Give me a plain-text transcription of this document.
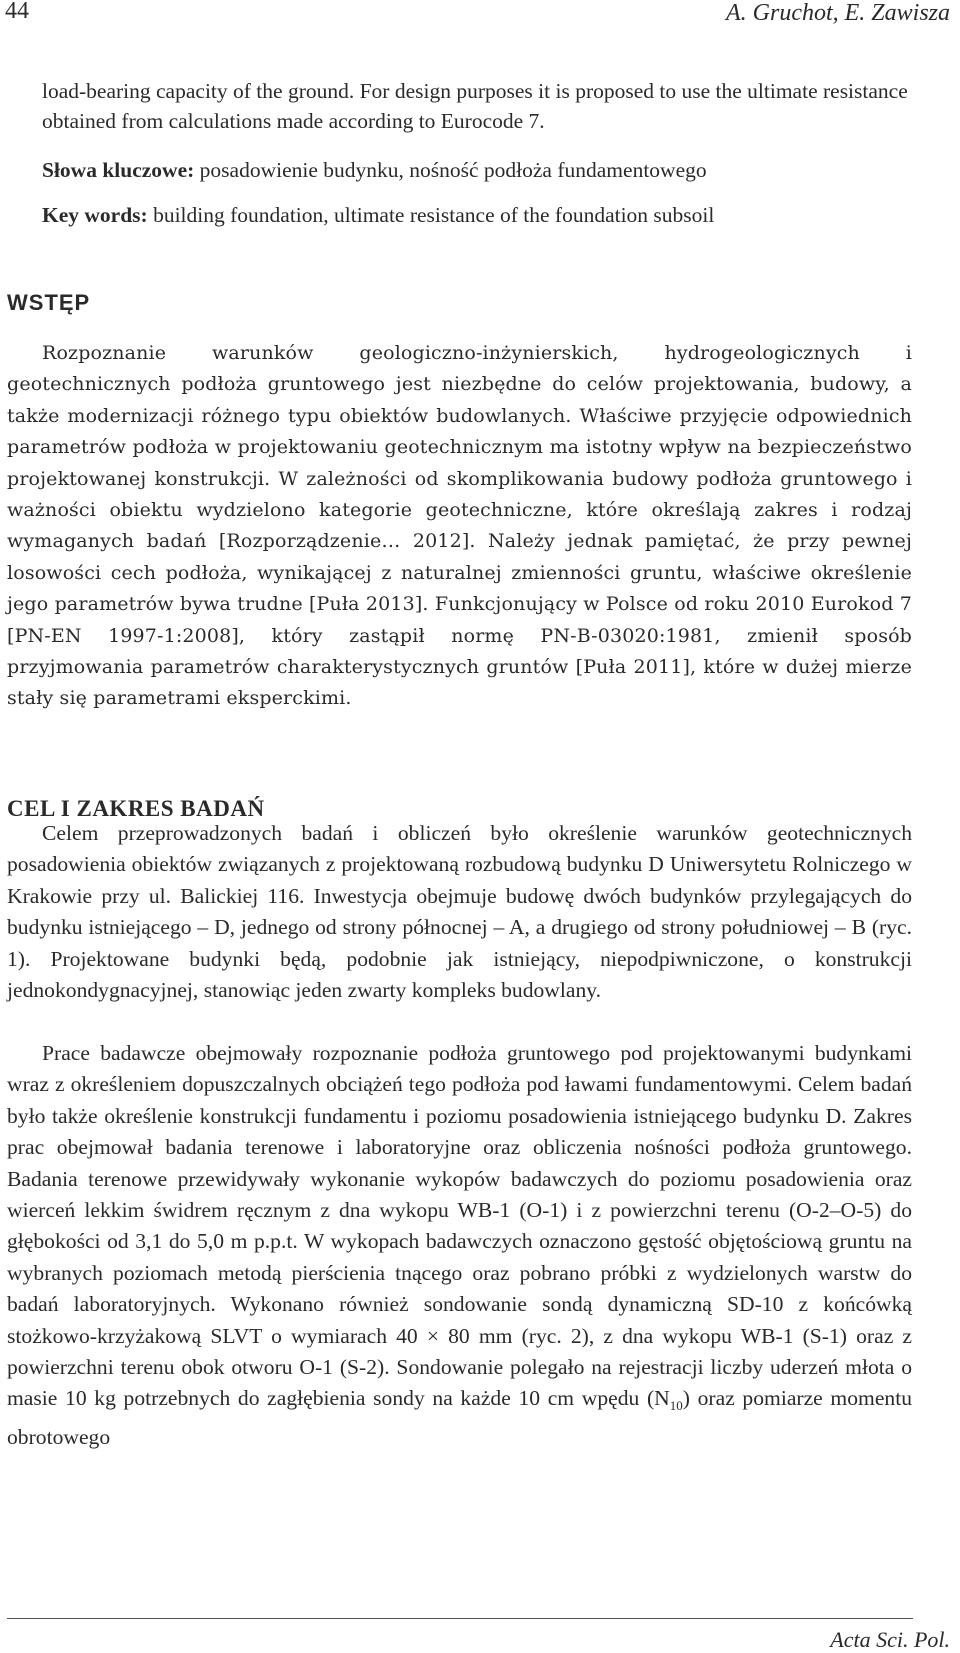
44	A. Gruchot, E. Zawisza
load-bearing capacity of the ground. For design purposes it is proposed to use the ultimate resistance obtained from calculations made according to Eurocode 7.
Słowa kluczowe: posadowienie budynku, nośność podłoża fundamentowego
Key words: building foundation, ultimate resistance of the foundation subsoil
WSTĘP

Rozpoznanie warunków geologiczno-inżynierskich, hydrogeologicznych i geotechnicznych podłoża gruntowego jest niezbędne do celów projektowania, budowy, a także modernizacji różnego typu obiektów budowlanych. Właściwe przyjęcie odpowiednich parametrów podłoża w projektowaniu geotechnicznym ma istotny wpływ na bezpieczeństwo projektowanej konstrukcji. W zależności od skomplikowania budowy podłoża gruntowego i ważności obiektu wydzielono kategorie geotechniczne, które określają zakres i rodzaj wymaganych badań [Rozporządzenie… 2012]. Należy jednak pamiętać, że przy pewnej losowości cech podłoża, wynikającej z naturalnej zmienności gruntu, właściwe określenie jego parametrów bywa trudne [Puła 2013]. Funkcjonujący w Polsce od roku 2010 Eurokod 7 [PN-EN 1997-1:2008], który zastąpił normę PN-B-03020:1981, zmienił sposób przyjmowania parametrów charakterystycznych gruntów [Puła 2011], które w dużej mierze stały się parametrami eksperckimi.

CEL I ZAKRES BADAŃ

Celem przeprowadzonych badań i obliczeń było określenie warunków geotechnicznych posadowienia obiektów związanych z projektowaną rozbudową budynku D Uniwersytetu Rolniczego w Krakowie przy ul. Balickiej 116. Inwestycja obejmuje budowę dwóch budynków przylegających do budynku istniejącego – D, jednego od strony północnej – A, a drugiego od strony południowej – B (ryc. 1). Projektowane budynki będą, podobnie jak istniejący, niepodpiwniczone, o konstrukcji jednokondygnacyjnej, stanowiąc jeden zwarty kompleks budowlany.

Prace badawcze obejmowały rozpoznanie podłoża gruntowego pod projektowanymi budynkami wraz z określeniem dopuszczalnych obciążeń tego podłoża pod ławami fundamentowymi. Celem badań było także określenie konstrukcji fundamentu i poziomu posadowienia istniejącego budynku D. Zakres prac obejmował badania terenowe i laboratoryjne oraz obliczenia nośności podłoża gruntowego. Badania terenowe przewidywały wykonanie wykopów badawczych do poziomu posadowienia oraz wierceń lekkim świdrem ręcznym z dna wykopu WB-1 (O-1) i z powierzchni terenu (O-2–O-5) do głębokości od 3,1 do 5,0 m p.p.t. W wykopach badawczych oznaczono gęstość objętościową gruntu na wybranych poziomach metodą pierścienia tnącego oraz pobrano próbki z wydzielonych warstw do badań laboratoryjnych. Wykonano również sondowanie sondą dynamiczną SD-10 z końcówką stożkowo-krzyżakową SLVT o wymiarach 40 × 80 mm (ryc. 2), z dna wykopu WB-1 (S-1) oraz z powierzchni terenu obok otworu O-1 (S-2). Sondowanie polegało na rejestracji liczby uderzeń młota o masie 10 kg potrzebnych do zagłębienia sondy na każde 10 cm wpędu $(N_{10})$ oraz pomiarze momentu obrotowego

Acta Sci. Pol.
